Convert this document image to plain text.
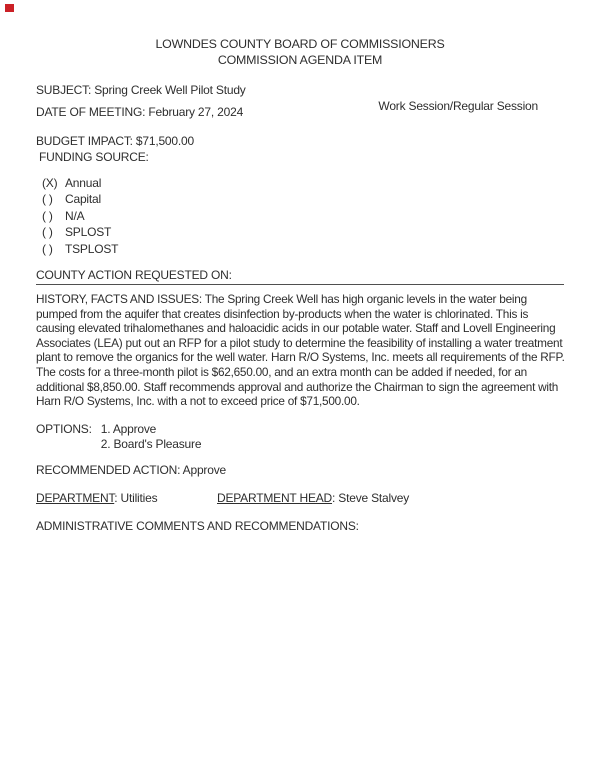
LOWNDES COUNTY BOARD OF COMMISSIONERS
COMMISSION AGENDA ITEM
SUBJECT: Spring Creek Well Pilot Study
DATE OF MEETING: February 27, 2024	Work Session/Regular Session
BUDGET IMPACT: $71,500.00
FUNDING SOURCE:
(X) Annual
( ) Capital
( ) N/A
( ) SPLOST
( ) TSPLOST
COUNTY ACTION REQUESTED ON:
HISTORY, FACTS AND ISSUES: The Spring Creek Well has high organic levels in the water being pumped from the aquifer that creates disinfection by-products when the water is chlorinated. This is causing elevated trihalomethanes and haloacidic acids in our potable water. Staff and Lovell Engineering Associates (LEA) put out an RFP for a pilot study to determine the feasibility of installing a water treatment plant to remove the organics for the well water. Harn R/O Systems, Inc. meets all requirements of the RFP. The costs for a three-month pilot is $62,650.00, and an extra month can be added if needed, for an additional $8,850.00. Staff recommends approval and authorize the Chairman to sign the agreement with Harn R/O Systems, Inc. with a not to exceed price of $71,500.00.
OPTIONS: 1. Approve
2. Board's Pleasure
RECOMMENDED ACTION: Approve
DEPARTMENT: Utilities	DEPARTMENT HEAD: Steve Stalvey
ADMINISTRATIVE COMMENTS AND RECOMMENDATIONS:
